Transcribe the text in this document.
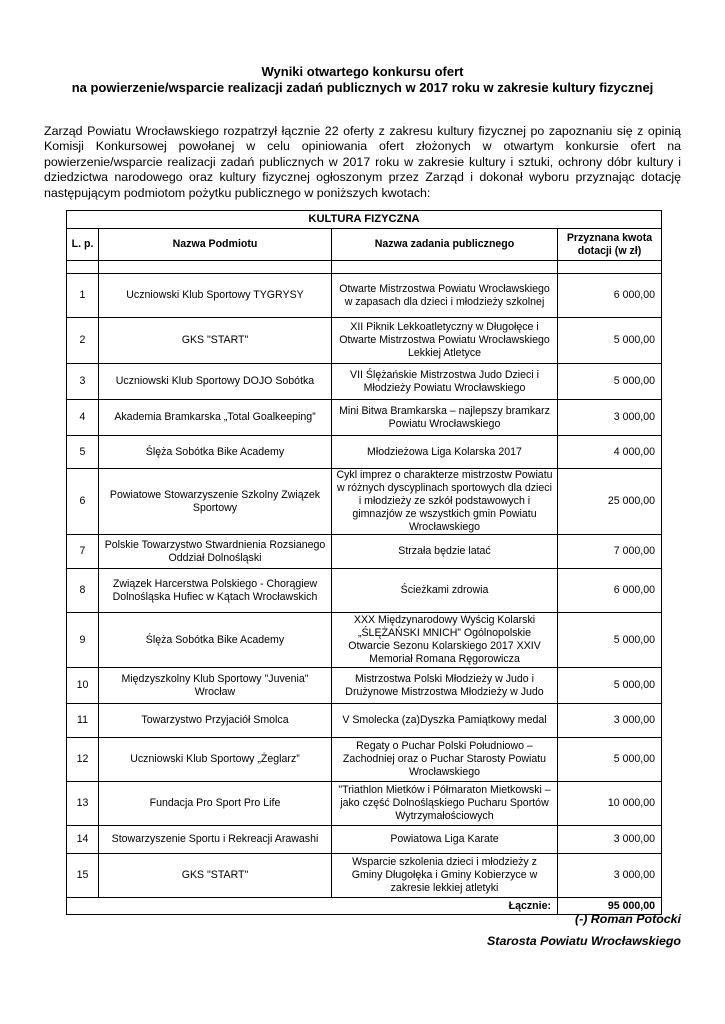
Wyniki otwartego konkursu ofert
na powierzenie/wsparcie realizacji zadań publicznych w 2017 roku w zakresie kultury fizycznej
Zarząd Powiatu Wrocławskiego rozpatrzył łącznie 22 oferty z zakresu kultury fizycznej po zapoznaniu się z opinią Komisji Konkursowej powołanej w celu opiniowania ofert złożonych w otwartym konkursie ofert na powierzenie/wsparcie realizacji zadań publicznych w 2017 roku w zakresie kultury i sztuki, ochrony dóbr kultury i dziedzictwa narodowego oraz kultury fizycznej ogłoszonym przez Zarząd i dokonał wyboru przyznając dotację następującym podmiotom pożytku publicznego w poniższych kwotach:
KULTURA FIZYCZNA			
L. p.	Nazwa Podmiotu	Nazwa zadania publicznego	Przyznana kwota dotacji (w zł)

1	Uczniowski Klub Sportowy TYGRYSY	Otwarte Mistrzostwa Powiatu Wrocławskiego w zapasach dla dzieci i młodzieży szkolnej	6 000,00
2	GKS "START"	XII Piknik Lekkoatletyczny w Długołęce i Otwarte Mistrzostwa Powiatu Wrocławskiego Lekkiej Atletyce	5 000,00
3	Uczniowski Klub Sportowy DOJO Sobótka	VII Ślężańskie Mistrzostwa Judo Dzieci i Młodzieży Powiatu Wrocławskiego	5 000,00
4	Akademia Bramkarska „Total Goalkeeping”	Mini Bitwa Bramkarska – najlepszy bramkarz Powiatu Wrocławskiego	3 000,00
5	Ślęża Sobótka Bike Academy	Młodzieżowa Liga Kolarska 2017	4 000,00
6	Powiatowe Stowarzyszenie Szkolny Związek Sportowy	Cykl imprez o charakterze mistrzostw Powiatu w różnych dyscyplinach sportowych dla dzieci i młodzieży ze szkół podstawowych i gimnazjów ze wszystkich gmin Powiatu Wrocławskiego	25 000,00
7	Polskie Towarzystwo Stwardnienia Rozsianego Oddział Dolnośląski	Strzała będzie latać	7 000,00
8	Związek Harcerstwa Polskiego - Chorągiew Dolnośląska Hufiec w Kątach Wrocławskich	Ścieżkami zdrowia	6 000,00
9	Ślęża Sobótka Bike Academy	XXX Międzynarodowy Wyścig Kolarski „ŚLĘŻAŃSKI MNICH” Ogólnopolskie Otwarcie Sezonu Kolarskiego 2017 XXIV Memoriał Romana Ręgorowicza	5 000,00
10	Międzyszkolny Klub Sportowy "Juvenia" Wrocław	Mistrzostwa Polski Młodzieży w Judo i Drużynowe Mistrzostwa Młodzieży w Judo	5 000,00
11	Towarzystwo Przyjaciół Smolca	V Smolecka (za)Dyszka Pamiątkowy medal	3 000,00
12	Uczniowski Klub Sportowy „Żeglarz”	Regaty o Puchar Polski Południowo – Zachodniej oraz o Puchar Starosty Powiatu Wrocławskiego	5 000,00
13	Fundacja Pro Sport Pro Life	"Triathlon Mietków i Półmaraton Mietkowski – jako część Dolnośląskiego Pucharu Sportów Wytrzymałościowych	10 000,00
14	Stowarzyszenie Sportu i Rekreacji Arawashi	Powiatowa Liga Karate	3 000,00
15	GKS "START"	Wsparcie szkolenia dzieci i młodzieży z Gminy Długołęka i Gminy Kobierzyce w zakresie lekkiej atletyki	3 000,00
Łącznie:			95 000,00
(-) Roman Potocki
Starosta Powiatu Wrocławskiego
